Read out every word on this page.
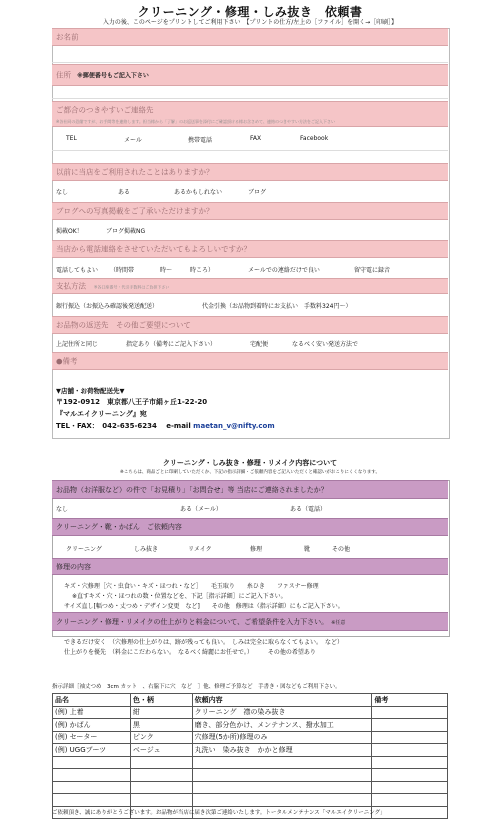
クリーニング・修理・しみ抜き　依頼書
入力の後、このページをプリントしてご利用下さい　【プリントの仕方/左上の［ファイル］を開く→［印刷］】
お名前
住所 ※郵便番号もご記入下さい
ご都合のつきやすいご連絡先
※各社同の恐縮ですが、お手間等を連絡します。担当様から「了解」のお返送事を添付にご確認頂ける様お含さめて、連絡のつきやすい方法をご記入下さい
TEL	メール	携帯電話	FAX	Facebook
以前に当店をご利用されたことはありますか？
なし	ある	あるかもしれない	ブログ
ブログへの写真掲載をご了承いただけますか？
掲載OK！	ブログ掲載NG
当店から電話連絡をさせていただいてもよろしいですか？
電話してもよい （時間帯	時～	時ころ）	メールでの連絡だけで良い	留守電に録音
支払方法 ※各口座番号・代引手数料はご負担下さい
銀行振込（お振込み確認後発送配送）	代金引換（お品物到着時にお支払い　手数料324円～）
お品物の返送先　その他ご要望について
上記住所と同じ	指定あり（備考にご記入下さい）	宅配便	なるべく安い発送方法で
●備考
▼店舗・お荷物配送先▼
〒192-0912　東京都八王子市絹ヶ丘1-22-20
『マルエイクリーニング』宛
TEL・FAX：　042-635-6234　 e-mail maetan_v@nifty.com
クリーニング・しみ抜き・修理・リメイク内容について
※こちらは、商品ごとに印刷していただくか、下記の指示詳細・ご依頼内容をご記入いただくと確認いがおこりにくくなります。
お品物（お洋服など）の件で「お見積り」「お問合せ」等 当店にご連絡されましたか？
なし	ある（メール）	ある（電話）
クリーニング・靴・かばん　ご依頼内容
クリーニング	しみ抜き	リメイク	修理	靴	その他
修理の内容
キズ・穴修理［穴・虫食い・キズ・ほつれ・など］　　毛玉取り　　糸ひき　　ファスナー修理
※直すキズ・穴・ほつれの数・位置などを、下記［指示詳細］にご記入下さい。
サイズ直し[幅つめ・丈つめ・デザイン変更　など]　　その他　修理は（指示詳細）にもご記入下さい。
クリーニング・修理・リメイクの仕上がりと料金について、ご希望条件を入力下さい。 ※任意
できるだけ安く　（穴修理の仕上がりは、跡が残っても良い。　しみは完全に取らなくてもよい。　など）
仕上がりを優先　（料金にこだわらない。　なるべく綺麗にお任せで。）　　　その他の希望あり
指示詳細［袖丈つめ　3cm カット　、右脇下に穴　など　］他、修理ご予算など　手書き・図などもご利用下さい。
品名	色・柄	依頼内容	備考
(例) 上着	紺	クリーニング　襟の染み抜き	
(例) かばん	黒	磨き、部分色かけ、メンテナンス、撥水加工	
(例) セーター	ピンク	穴修理(5か所)修理のみ	
(例) UGGブーツ	ベージュ	丸洗い　染み抜き　かかと修理	

ご依頼頂き、誠にありがとうございます。お品物が当店に届き次第ご連絡いたします。トータルメンテナンス「マルエイクリーニング」
